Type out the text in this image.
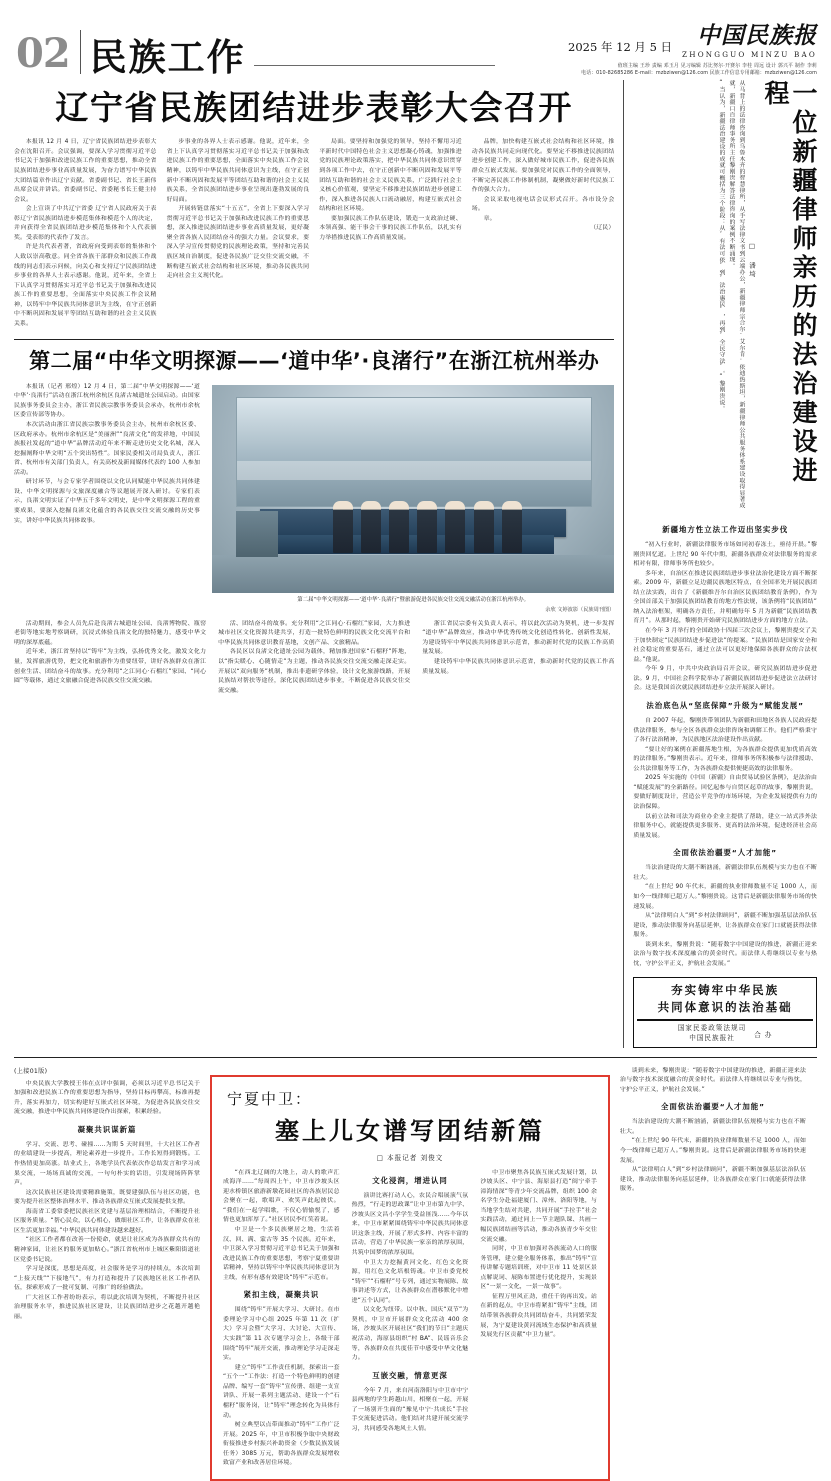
02 民族工作	2025 年 12 月 5 日	中国民族报
ZHONGGUO MINZU BAO
值班主编 王珍 责编 邓玉月 见习编辑 苏比努尔·开赛尔 李桂 周远 设计 郭兴平 制作 李莉
电话：010-82685286 E-mail：mzbziwen@126.com 民族工作信息专用邮箱：mzbziwen@126.com
辽宁省民族团结进步表彰大会召开

本报讯 12 月 4 日，辽宁省民族团结进步表彰大会在沈阳召开。会议强调，要深入学习贯彻习近平总书记关于加强和改进民族工作的重要思想，推动全省民族团结进步事业高质量发展，为奋力谱写中华民族大团结篇章作出辽宁贡献。省委副书记、省长王新伟出席会议并讲话。省委副书记、省委秘书长王健主持会议。

会上宣读了中共辽宁省委 辽宁省人民政府关于表彰辽宁省民族团结进步模范集体和模范个人的决定，并向获得全省民族团结进步模范集体和个人代表颁奖。受表彰的代表作了发言。

许是共代表者著，省政府向受到表彰的集体和个人致以崇高敬意。同全省各族干部群众和民族工作战线的同志们表示问候，向关心和支持辽宁民族团结进步事业的各界人士表示感谢。他说，近年来，全省上下认真学习贯彻落实习近平总书记关于加强和改进民族工作的重要思想，全面落实中央民族工作会议精神，以铸牢中华民族共同体意识为主线，在守正创新中不断巩固和发展平等团结互助和谐的社会主义民族关系。

步事业的各界人士表示感谢。他说，近年来，全省上下认真学习贯彻落实习近平总书记关于加强和改进民族工作的重要思想，全面落实中央民族工作会议精神，以铸牢中华民族共同体意识为主线，在守正创新中不断巩固和发展平等团结互助和谐的社会主义民族关系，全省民族团结进步事业呈现出蓬勃发展的良好局面。

开展转链盘落实“十五五”，全省上下要深入学习贯彻习近平总书记关于加强和改进民族工作的重要思想，深入推进民族团结进步事业高质量发展，更好凝聚全省各族人民团结奋斗的强大力量。会议要求，要深入学习宣传贯彻党的民族理论政策，坚持和完善民族区域自治制度，促进各民族广泛交往交流交融，不断构建互嵌式社会结构和社区环境，推动各民族共同走向社会主义现代化。

局面。要坚持和加强党的领导，坚持不懈用习近平新时代中国特色社会主义思想凝心铸魂，加强推进党的民族理论政策落实，把中华民族共同体意识贯穿到各项工作中去，在守正创新中不断巩固和发展平等团结互助和谐的社会主义民族关系，广泛践行社会主义核心价值观，要坚定不移推进民族团结进步创建工作，深入推进各民族人口流动融居，构建互嵌式社会结构和社区环境。

要加强民族工作队伍建设，锻造一支政治过硬、本领高强、能干事会干事的民族工作队伍，以扎实有力举措推进民族工作高质量发展。

品牌，加快构建互嵌式社会结构和社区环境，推动各民族共同走向现代化。要坚定不移推进民族团结进步创建工作，深入做好城市民族工作，促进各民族群众互嵌式发展。要加强党对民族工作的全面领导，不断完善民族工作体制机制，凝聚做好新时代民族工作的强大合力。

会议采取电视电话会议形式召开。各市设分会场。

章。

（辽民）
第二届“中华文明探源——‘道中华’·良渚行”在浙江杭州举办

本报讯（记者 邢煌）12 月 4 日，第二届“中华文明探源——‘道中华’·良渚行”活动在浙江杭州余杭区良渚古城遗址公园启动。由国家民族事务委员会主办，浙江省民族宗教事务委员会承办，杭州市余杭区委宣传部等协办。

本次活动由浙江省民族宗教事务委员会主办，杭州市余杭区委、区政府承办。杭州市余杭区是“美丽洲”“良渚文化”的发祥地，中国民族报社发起的“道中华”品牌活动近年来不断走进历史文化名城，深入挖掘阐释中华文明“五个突出特性”。国家民委相关司局负责人，浙江省、杭州市有关部门负责人，有关高校及新闻媒体代表约 100 人参加活动。

研讨环节，与会专家学者围绕以文化认同赋能中华民族共同体建设、中华文明探源与文旅深度融合等议题展开深入研讨。专家们表示，良渚文明实证了中华五千多年文明史，是中华文明探源工程的重要成果，要深入挖掘良渚文化蕴含的各民族交往交流交融的历史事实，讲好中华民族共同体故事。

第二届“中华文明探源——‘道中华’·良渚行”暨旅游促进各民族交往交流交融活动在浙江杭州举办。
余欣 文婷波影（民族周刊图）

活动期间，参会人员先后赴良渚古城遗址公园、良渚博物院、瓶窑老街等地实地考察调研，沉浸式体验良渚文化的独特魅力，感受中华文明的深厚底蕴。

近年来，浙江省坚持以“铸牢”为主线，弘扬优秀文化，激发文化力量，发挥旅游优势，把文化和旅游作为重要纽带，讲好各族群众在浙江创业生活、团结奋斗的故事。充分利用“之江同心·石榴红”家园、“同心圆”等载体，通过文旅融合促进各民族交往交流交融。

活、团结奋斗的故事。充分利用“之江同心·石榴红”家园，大力推进城市社区文化资源共建共享，打造一批特色鲜明的民族文化交流平台和中华民族共同体意识教育基地，文创产品、文旅精品。

各民区以良渚文化遗址公园为载体，精加推进国家“石榴籽”阵地，以“指尖暖心、心随情走”为主题，推动各民族交往交流交融走深走实。开展以“双向服务”机制，推出非遗研学体验，设计文化旅游线路，开展民族结对帮扶等途径，深化民族团结进步事业，不断促进各民族交往交流交融。

浙江省民宗委有关负责人表示，将以此次活动为契机，进一步发挥“道中华”品牌效应，推动中华优秀传统文化创造性转化、创新性发展，为建设铸牢中华民族共同体意识示范省，推动新时代党的民族工作高质量发展。

建设铸牢中华民族共同体意识示范省，推动新时代党的民族工作高质量发展。

一位新疆律师亲历的法治建设进程
□ 潘埼
从马背上的法律咨询到乌鲁木齐的智慧律所，从手写法律文书到云端办公，新疆律师宗合尔·艾尔肯·依迪热斯坦，新疆律师公共服务体系建设取得显著成就，新疆口百律师事务所主任黎刚贵解答法律咨询的案例不断涌现。
“当认为，新疆法治建设的成就可概括为三个阶段：从‘有法可依’到‘法治惠民’，再到‘全民守法’。”黎刚贵说。
新疆地方性立法工作迈出坚实步伐

“初入行业时，新疆法律服务市场如同初春冻土，亟待开晨。”黎刚贵回忆道。上世纪 90 年代中期，新疆各族群众对法律服务的需求相对有限，律师事务所也较少。

多年来，自治区在推进民族团结进步事业法治化建设方面不断探索。2009 年，新疆立足边疆民族地区特点，在全国率先开展民族团结立法实践，出台了《新疆维吾尔自治区民族团结教育条例》，作为全国首部关于加强民族团结教育的地方性法规，该条例将“民族团结”纳入法治框架，明确各方责任，并明确每年 5 月为新疆“民族团结教育月”。从那时起，黎刚贵开始研究民族团结进步方面的地方立法。

在今年 3 月举行的全国政协十四届三次会议上，黎刚贵提交了关于加快制定“民族团结进步促进法”的提案。“民族团结是国家安全和社会稳定的重要基石，通过立法可以更好地保障各族群众的合法权益。”他说。

今年 9 月，中共中央政治局召开会议，研究民族团结进步促进法。9 月，中国社会科学院举办了新疆民族团结进步促进法立法研讨会。这是我国首次就民族团结进步立法开展深入研讨。

法治底色从“坚底保障”升级为“赋能发展”

自 2007 年起，黎刚贵带领团队为新疆和田地区各族人民政府提供法律服务，参与全区各族群众法律咨询和调解工作。他们严格秉守了各行法治精神，为民族地区法治建设作出贡献。

“要让好的案例在新疆落地生根，为各族群众提供更加优质高效的法律服务。”黎刚贵表示。近年来，律师事务所积极参与法律援助、公共法律服务等工作，为各族群众提供便捷高效的法律服务。

2025 年实施的《中国（新疆）自由贸易试验区条例》，是法治由“赋能发展”的全新路径。回忆起参与自贸区起草的故事，黎刚贵说，要做好制度设计，营造公平竞争的市场环境，为企业发展提供有力的法治保障。

以前立法和司法为商业办企业主提供了帮助，建立一站式涉外法律服务中心，就能提供更多服务、更高的法治环境，促进经济社会高质量发展。

全面依法治疆要“人才加能”

当法治建设的大潮不断汹涌，新疆法律队伍规模与实力也在不断壮大。

“在上世纪 90 年代末，新疆的执业律师数量不足 1000 人，而如今一线律师已超万人。”黎刚贵说。这背后是新疆法律服务市场的快速发展。

从“法律明白人”到“乡村法律顾问”，新疆不断加强基层法治队伍建设，推动法律服务向基层延伸，让各族群众在家门口就能获得法律服务。

谈到未来，黎刚贵说：“随着数字中国建设的推进，新疆正迎来法治与数字技术深度融合的黄金时代。而法律人将继续以专业与热忱，守护公平正义，护航社会发展。”

夯实铸牢中华民族
共同体意识的法治基础
国家民委政策法规司
中国民族报社	合 办
(上接01版)

中央民族大学教授王伟在点评中强调，必须以习近平总书记关于加强和改进民族工作的重要思想为指导，坚持目标再攀高，标准再提升，落实再加力，切实构建好互嵌式社区环境，为促进各民族交往交流交融，推进中华民族共同体建设作出探索，积累经验。

凝聚共识谋新篇

学习、交流、思考、碰撞……为期 5 天时间里，十大社区工作者的业绩建设一步提高，理论素养进一步提升。工作长短得到锻炼。工作热情更加高涨。结业式上，各地学员代表依次作总结发言和学习成果交流，一场场真诚的交流，一句句朴实的话语，引发现场阵阵掌声。

这次民族社区建设需要精准施策，既要建强队伍与社区功能，也要为提升社区整体治理水平、推动各族群众互嵌式发展提供支撑。

海南省工委常委把民族社区党建与基层治理相结合，不断提升社区服务质量。“帮心民众，以心相心，做细社区工作，让各族群众在社区生活更加幸福。”中华民族共同体建设越来越好。

“社区工作者都在改善一份使命，就是让社区成为各族群众共有的精神家园，让社区的服务更加贴心。”浙江省杭州市上城区紫阳街道社区党委书记说。

学习是深度，思想是高度，社会服务是学习的持续点，本次培训“上接天线”“下接地气”，有力打造和提升了民族地区社区工作者队伍，探索形成了一批可复制、可推广的经验做法。

广大社区工作者纷纷表示，将以此次培训为契机，不断提升社区治理服务水平，推进民族社区建设，让民族团结进步之花越开越艳丽。

宁夏中卫：
塞上儿女谱写团结新篇
□ 本报记者 刘俊文

“在西北辽阔的大地上，动人的歌声汇成海洋……”每周四上午，中卫市沙坡头区迎水桥镇区旅游新墩花园社区的各族居民总会聚在一起，歌唱声、欢笑声此起彼伏。“我们在一起学唱歌，不仅心情愉悦了，感情也更加浑厚了。”社区居民李红笑着说。

中卫是一个多民族聚居之地，生活着汉、回、满、蒙古等 35 个民族。近年来，中卫深入学习贯彻习近平总书记关于加强和改进民族工作的重要思想，考察宁夏重要讲话精神，坚持以铸牢中华民族共同体意识为主线，有形有感有效建设“铸牢”示范市。

紧扣主线，凝聚共识

围绕“铸牢”开展大学习、大研讨。在市委理论学习中心组 2025 年第 11 次（扩大）学习会暨“大学习、大讨论、大宣传、大实践”第 11 次专题学习会上，各级干部围绕“铸牢”展开交流，推动理论学习走深走实。

建立“铸牢”工作责任机制，探索出一套“五个一”工作法：打造一个特色鲜明的创建品牌、编写一套“铸牢”宣传册、组建一支宣讲队、开展一系列主题活动、建设一个“石榴籽”服务岗，让“铸牢”理念转化为具体行动。

树立典型以点带面推动“铸牢”工作广泛开展。2025 年，中卫市积极争取中央财政衔接推进乡村振兴补助资金（少数民族发展任务）3085 万元，帮助各族群众发展增收致富产业和改善居住环境。

文化浸润，增进认同

演讲比赛打动人心，农民合唱展演气氛热烈，“行走的思政课”让中卫市第九中学、沙坡头区文昌小学学生受益匪浅……今年以来，中卫市紧紧围绕铸牢中华民族共同体意识这条主线，开展了形式多样、内容丰富的活动，营造了中华民族一家亲的浓厚氛围，共筑中国梦的浓厚氛围。

中卫大力挖掘黄河文化、红色文化资源，用红色文化培根铸魂。中卫市委党校“铸牢”“石榴籽”号专列，通过实物展陈、故事讲述等方式，让各族群众在潜移默化中增进“五个认同”。

以文化为纽带。以中秋、国庆“双节”为契机，中卫市开展群众文化活动 400 余场，沙坡头区开展社区“我们的节日”主题庆祝活动，海原县组织“村 BA”、民谣音乐会等，各族群众在共度佳节中感受中华文化魅力。

互嵌交融，情意更深

今年 7 月，来自河南洛阳与中卫市中宁县两地的学生跨越山川，相聚在一起，开展了一场别开生面的“豫见中宁·共成长”手拉手交流促进活动。他们结对共建开展交流学习，共同感受各地风土人情。

中卫市聚焦各民族互嵌式发展计划，以沙坡头区、中宁县、海原县打造“闽宁牵手 漳海情深”等青少年交流品牌，组织 100 余名学生分赴福建厦门、漳州、洛阳等地，与当地学生结对共建，共同开展“手拉手”社会实践活动，通过同上一节主题队课、共画一幅民族团结画等活动，推动各族青少年交往交流交融。

同时，中卫市加强对各族流动人口的服务管理，建立健全服务体系，推出“铸牢”宣传讲解专题培训班，对中卫市 11 处景区景点解说词、展陈布置进行优化提升，实现景区“一景一文化，一景一故事”。

征程万里风正劲，重任千钧再出发。站在新的起点，中卫市将紧扣“铸牢”主线，团结带领各族群众共同团结奋斗，共同繁荣发展，为宁夏建设黄河流域生态保护和高质量发展先行区贡献“中卫力量”。

谈到未来，黎刚贵说：“随着数字中国建设的推进，新疆正迎来法治与数字技术深度融合的黄金时代。而法律人将继续以专业与热忱，守护公平正义，护航社会发展。”

全面依法治疆要“人才加能”

当法治建设的大潮不断汹涌，新疆法律队伍规模与实力也在不断壮大。

“在上世纪 90 年代末，新疆的执业律师数量不足 1000 人，而如今一线律师已超万人。”黎刚贵说。这背后是新疆法律服务市场的快速发展。

从“法律明白人”到“乡村法律顾问”，新疆不断加强基层法治队伍建设，推动法律服务向基层延伸，让各族群众在家门口就能获得法律服务。
